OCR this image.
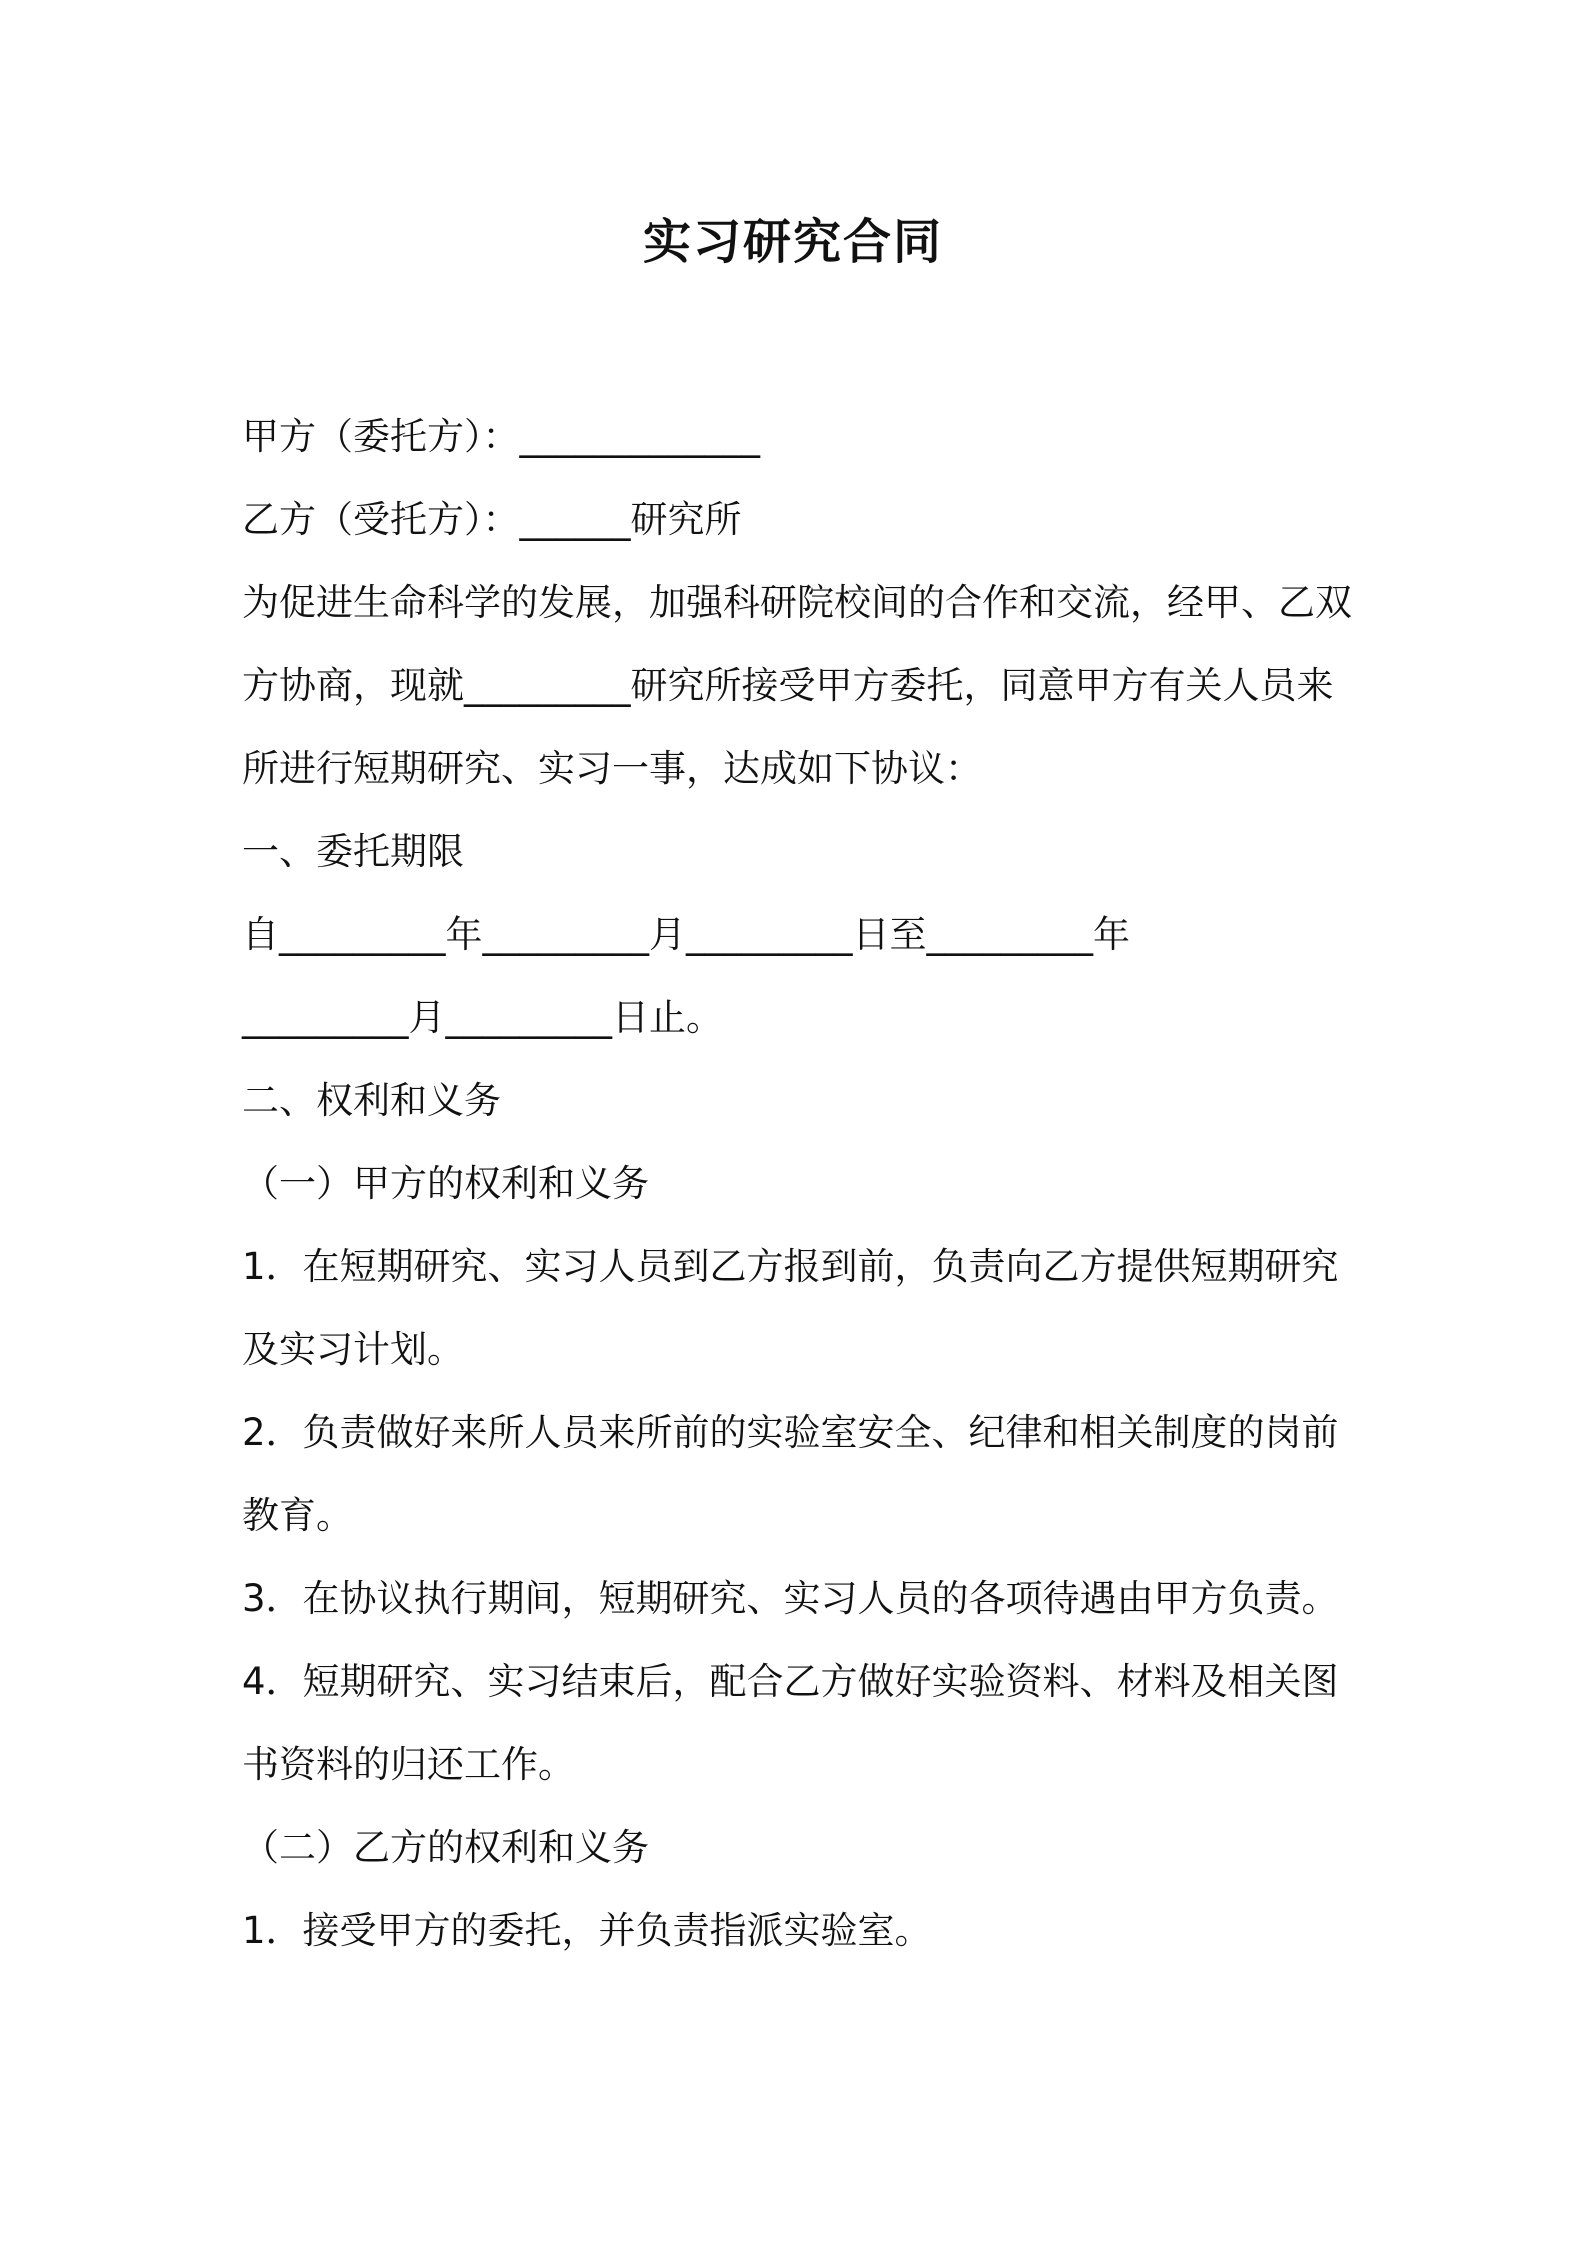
实习研究合同
甲方（委托方）：_____________
乙方（受托方）：______研究所
为促进生命科学的发展，加强科研院校间的合作和交流，经甲、乙双
方协商，现就_________研究所接受甲方委托，同意甲方有关人员来
所进行短期研究、实习一事，达成如下协议：
一、委托期限
自_________年_________月_________日至_________年
_________月_________日止。
二、权利和义务
（一）甲方的权利和义务
1．在短期研究、实习人员到乙方报到前，负责向乙方提供短期研究
及实习计划。
2．负责做好来所人员来所前的实验室安全、纪律和相关制度的岗前
教育。
3．在协议执行期间，短期研究、实习人员的各项待遇由甲方负责。
4．短期研究、实习结束后，配合乙方做好实验资料、材料及相关图
书资料的归还工作。
（二）乙方的权利和义务
1．接受甲方的委托，并负责指派实验室。
